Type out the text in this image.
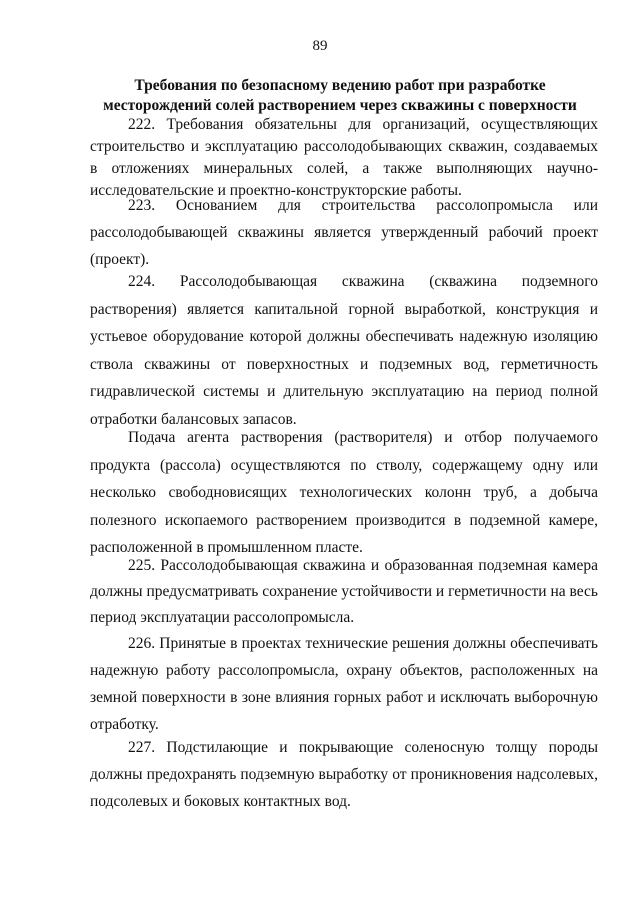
89
Требования по безопасному ведению работ при разработке
месторождений солей растворением через скважины с поверхности

222. Требования обязательны для организаций, осуществляющих строительство и эксплуатацию рассолодобывающих скважин, создаваемых в отложениях минеральных солей, а также выполняющих научно-исследовательские и проектно-конструкторские работы.

223. Основанием для строительства рассолопромысла или рассолодобывающей скважины является утвержденный рабочий проект (проект).

224. Рассолодобывающая скважина (скважина подземного растворения) является капитальной горной выработкой, конструкция и устьевое оборудование которой должны обеспечивать надежную изоляцию ствола скважины от поверхностных и подземных вод, герметичность гидравлической системы и длительную эксплуатацию на период полной отработки балансовых запасов.

Подача агента растворения (растворителя) и отбор получаемого продукта (рассола) осуществляются по стволу, содержащему одну или несколько свободновисящих технологических колонн труб, а добыча полезного ископаемого растворением производится в подземной камере, расположенной в промышленном пласте.

225. Рассолодобывающая скважина и образованная подземная камера должны предусматривать сохранение устойчивости и герметичности на весь период эксплуатации рассолопромысла.

226. Принятые в проектах технические решения должны обеспечивать надежную работу рассолопромысла, охрану объектов, расположенных на земной поверхности в зоне влияния горных работ и исключать выборочную отработку.

227. Подстилающие и покрывающие соленосную толщу породы должны предохранять подземную выработку от проникновения надсолевых, подсолевых и боковых контактных вод.
